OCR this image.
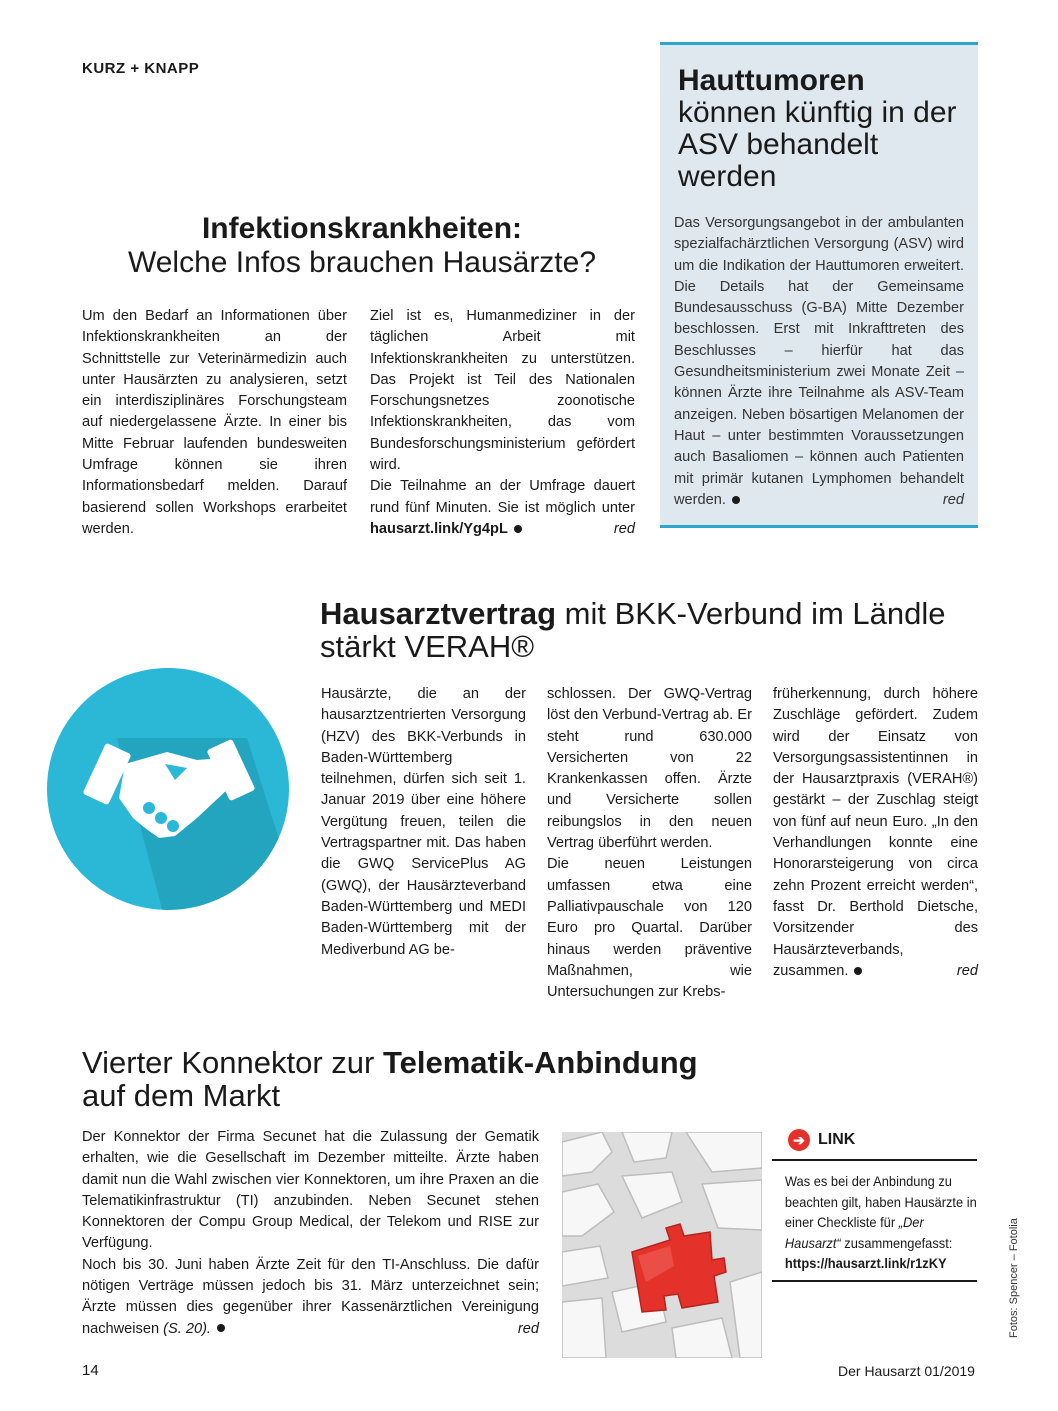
KURZ + KNAPP	Hauttumoren
können künftig in der ASV behandelt werden
Das Versorgungsangebot in der ambulanten spezialfachärztlichen Versorgung (ASV) wird um die Indikation der Hauttumoren erweitert. Die Details hat der Gemeinsame Bundesausschuss (G-BA) Mitte Dezember beschlossen. Erst mit Inkrafttreten des Beschlusses – hierfür hat das Gesundheitsministerium zwei Monate Zeit – können Ärzte ihre Teilnahme als ASV-Team anzeigen. Neben bösartigen Melanomen der Haut – unter bestimmten Voraussetzungen auch Basaliomen – können auch Patienten mit primär kutanen Lymphomen behandelt werden.	red
Infektionskrankheiten:
Welche Infos brauchen Hausärzte?

Um den Bedarf an Informationen über Infektionskrankheiten an der Schnittstelle zur Veterinärmedizin auch unter Hausärzten zu analysieren, setzt ein interdisziplinäres Forschungsteam auf niedergelassene Ärzte. In einer bis Mitte Februar laufenden bundesweiten Umfrage können sie ihren Informationsbedarf melden. Darauf basierend sollen Workshops erarbeitet werden.

Ziel ist es, Humanmediziner in der täglichen Arbeit mit Infektionskrankheiten zu unterstützen. Das Projekt ist Teil des Nationalen Forschungsnetzes zoonotische Infektionskrankheiten, das vom Bundesforschungsministerium gefördert wird.

Die Teilnahme an der Umfrage dauert rund fünf Minuten. Sie ist möglich unter hausarzt.link/Yg4pL	red

Hausarztvertrag mit BKK-Verbund im Ländle stärkt VERAH®

Hausärzte, die an der hausarztzentrierten Versorgung (HZV) des BKK-Verbunds in Baden-Württemberg teilnehmen, dürfen sich seit 1. Januar 2019 über eine höhere Vergütung freuen, teilen die Vertragspartner mit. Das haben die GWQ ServicePlus AG (GWQ), der Hausärzteverband Baden-Württemberg und MEDI Baden-Württemberg mit der Mediverbund AG be-

schlossen. Der GWQ-Vertrag löst den Verbund-Vertrag ab. Er steht rund 630.000 Versicherten von 22 Krankenkassen offen. Ärzte und Versicherte sollen reibungslos in den neuen Vertrag überführt werden.

Die neuen Leistungen umfassen etwa eine Palliativpauschale von 120 Euro pro Quartal. Darüber hinaus werden präventive Maßnahmen, wie Untersuchungen zur Krebs-

früherkennung, durch höhere Zuschläge gefördert. Zudem wird der Einsatz von Versorgungsassistentinnen in der Hausarztpraxis (VERAH®) gestärkt – der Zuschlag steigt von fünf auf neun Euro. „In den Verhandlungen konnte eine Honorarsteigerung von circa zehn Prozent erreicht werden“, fasst Dr. Berthold Dietsche, Vorsitzender des Hausärzteverbands, zusammen.	red

Vierter Konnektor zur Telematik-Anbindung
auf dem Markt

Der Konnektor der Firma Secunet hat die Zulassung der Gematik erhalten, wie die Gesellschaft im Dezember mitteilte. Ärzte haben damit nun die Wahl zwischen vier Konnektoren, um ihre Praxen an die Telematikinfrastruktur (TI) anzubinden. Neben Secunet stehen Konnektoren der Compu Group Medical, der Telekom und RISE zur Verfügung.

Noch bis 30. Juni haben Ärzte Zeit für den TI-Anschluss. Die dafür nötigen Verträge müssen jedoch bis 31. März unterzeichnet sein; Ärzte müssen dies gegenüber ihrer Kassenärztlichen Vereinigung nachweisen (S. 20).	red

➔ LINK
Was es bei der Anbindung zu beachten gilt, haben Hausärzte in einer Checkliste für „Der Hausarzt“ zusammengefasst:
https://hausarzt.link/r1zKY	Fotos: Spencer – Fotolia
14	Der Hausarzt 01/2019
